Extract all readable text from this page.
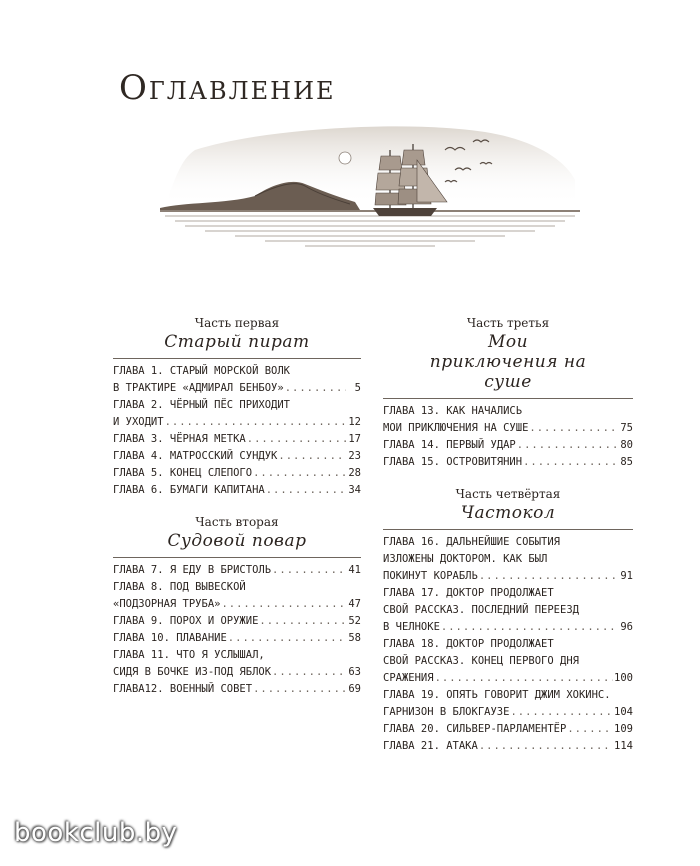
Оглавление
Часть первая
Старый пират
ГЛАВА 1. СТАРЫЙ МОРСКОЙ ВОЛК
В ТРАКТИРЕ «АДМИРАЛ БЕНБОУ» .....	5
ГЛАВА 2. ЧЁРНЫЙ ПЁС ПРИХОДИТ
И УХОДИТ .....	12
ГЛАВА 3. ЧЁРНАЯ МЕТКА .....	17
ГЛАВА 4. МАТРОССКИЙ СУНДУК .....	23
ГЛАВА 5. КОНЕЦ СЛЕПОГО .....	28
ГЛАВА 6. БУМАГИ КАПИТАНА .....	34
Часть вторая
Судовой повар
ГЛАВА 7. Я ЕДУ В БРИСТОЛЬ .....	41
ГЛАВА 8. ПОД ВЫВЕСКОЙ
«ПОДЗОРНАЯ ТРУБА» .....	47
ГЛАВА 9. ПОРОХ И ОРУЖИЕ .....	52
ГЛАВА 10. ПЛАВАНИЕ .....	58
ГЛАВА 11. ЧТО Я УСЛЫШАЛ,
СИДЯ В БОЧКЕ ИЗ-ПОД ЯБЛОК .....	63
ГЛАВА12. ВОЕННЫЙ СОВЕТ .....	69
Часть третья
Мои приключения на суше
ГЛАВА 13. КАК НАЧАЛИСЬ
МОИ ПРИКЛЮЧЕНИЯ НА СУШЕ .....	75
ГЛАВА 14. ПЕРВЫЙ УДАР .....	80
ГЛАВА 15. ОСТРОВИТЯНИН .....	85
Часть четвёртая
Частокол
ГЛАВА 16. ДАЛЬНЕЙШИЕ СОБЫТИЯ
ИЗЛОЖЕНЫ ДОКТОРОМ. КАК БЫЛ
ПОКИНУТ КОРАБЛЬ .....	91
ГЛАВА 17. ДОКТОР ПРОДОЛЖАЕТ
СВОЙ РАССКАЗ. ПОСЛЕДНИЙ ПЕРЕЕЗД
В ЧЕЛНОКЕ .....	96
ГЛАВА 18. ДОКТОР ПРОДОЛЖАЕТ
СВОЙ РАССКАЗ. КОНЕЦ ПЕРВОГО ДНЯ
СРАЖЕНИЯ .....	100
ГЛАВА 19. ОПЯТЬ ГОВОРИТ ДЖИМ ХОКИНС.
ГАРНИЗОН В БЛОКГАУЗЕ .....	104
ГЛАВА 20. СИЛЬВЕР-ПАРЛАМЕНТЁР .....	109
ГЛАВА 21. АТАКА .....	114
bookclub.by
